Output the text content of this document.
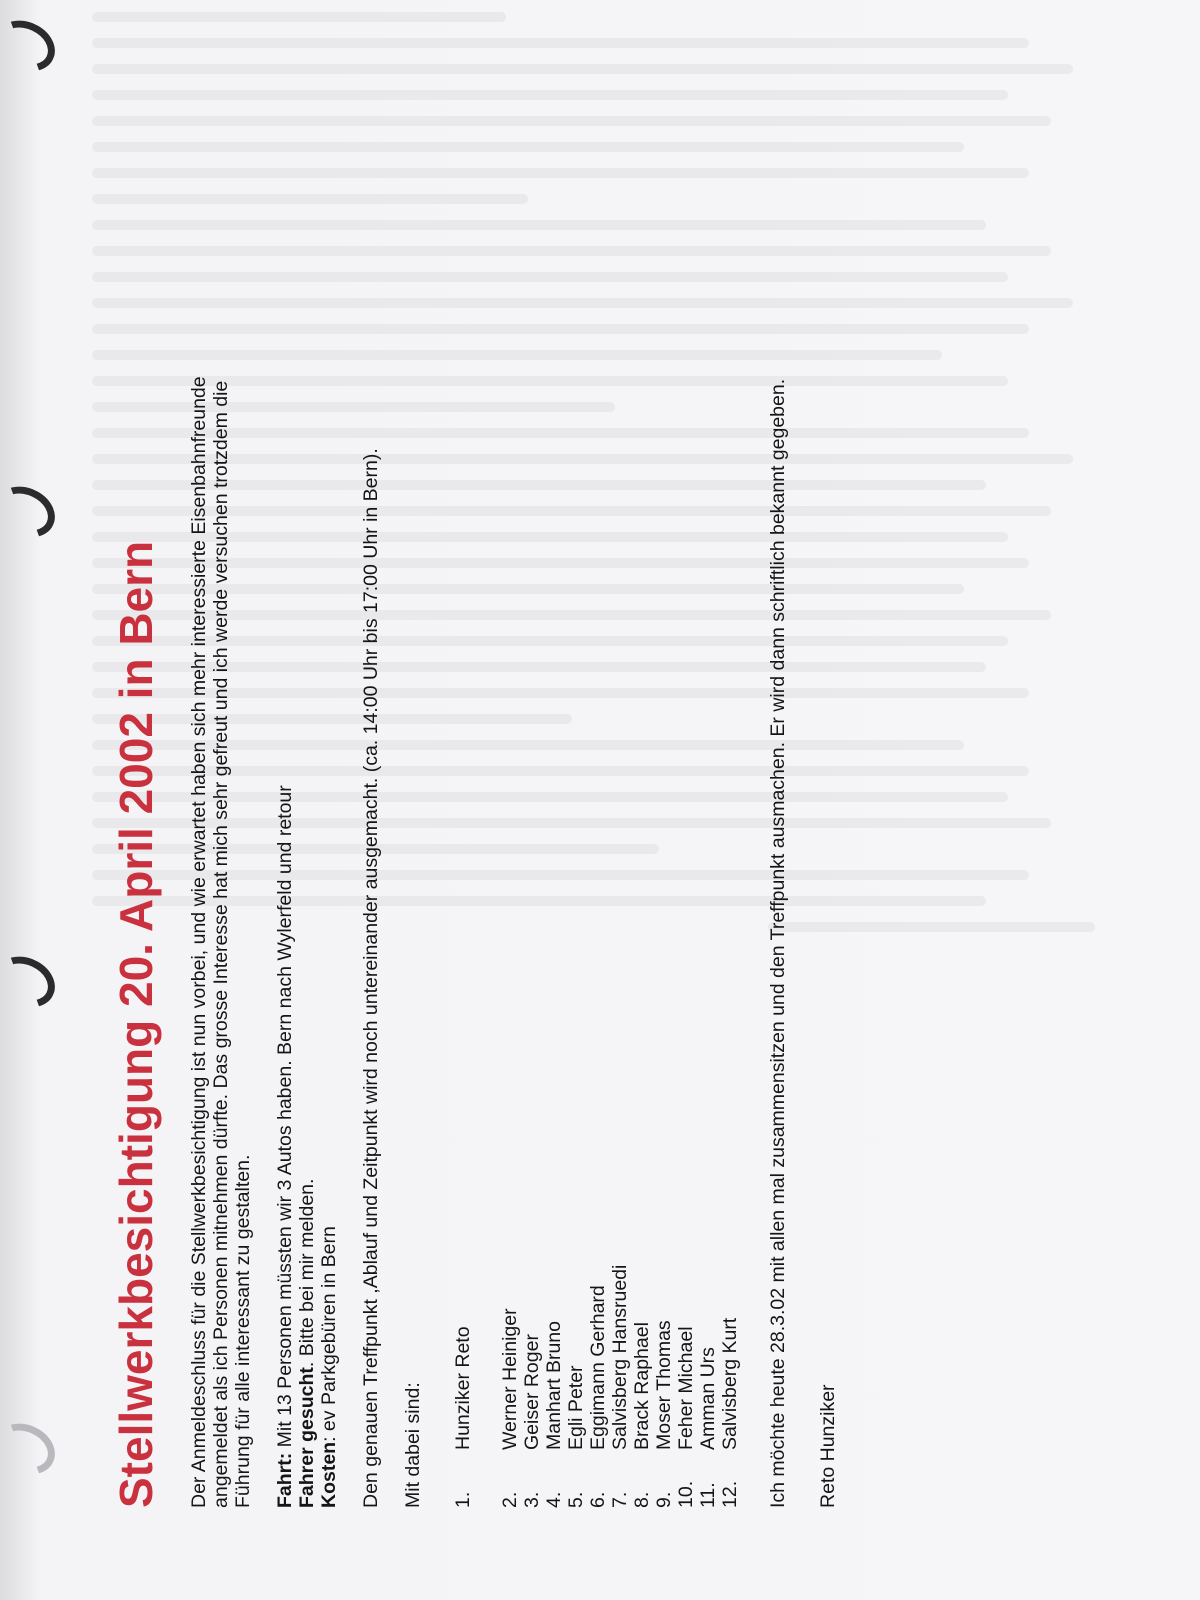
Stellwerkbesichtigung 20. April 2002 in Bern Der Anmeldeschluss für die Stellwerkbesichtigung ist nun vorbei, und wie erwartet haben sich mehr interessierte Eisenbahnfreunde angemeldet als ich Personen mitnehmen dürfte. Das grosse Interesse hat mich sehr gefreut und ich werde versuchen trotzdem die Führung für alle interessant zu gestalten. Fahrt: Mit 13 Personen müssten wir 3 Autos haben. Bern nach Wylerfeld und retour Fahrer gesucht. Bitte bei mir melden.
Kosten: ev Parkgebüren in Bern Den genauen Treffpunkt ,Ablauf und Zeitpunkt wird noch untereinander ausgemacht. (ca. 14:00 Uhr bis 17:00 Uhr in Bern). Mit dabei sind: 1.
Hunziker Reto
2.
Werner Heiniger
3.
Geiser Roger
4.
Manhart Bruno
5.
Egli Peter
6.
Eggimann Gerhard
7.
Salvisberg Hansruedi
8.
Brack Raphael
9.
Moser Thomas
10.
Feher Michael
11.
Amman Urs
12.
Salvisberg Kurt Ich möchte heute 28.3.02 mit allen mal zusammensitzen und den Treffpunkt ausmachen. Er wird dann schriftlich bekannt gegeben. Reto Hunziker
